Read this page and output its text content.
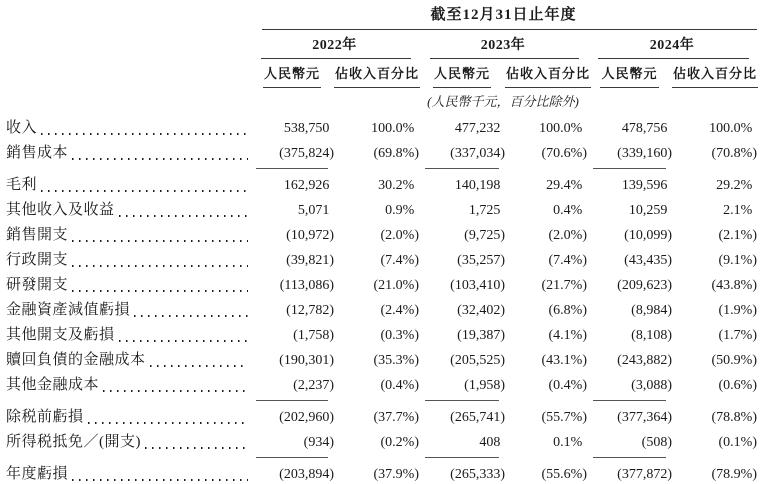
截至12月31日止年度
2022年	2023年	2024年
人民幣元	佔收入百分比	人民幣元	佔收入百分比 人民幣元	佔收入百分比
(人民幣千元，百分比除外)
收入	538,750	100.0%	477,232	100.0%	478,756	100.0%
銷售成本	(375,824)	(69.8%)	(337,034)	(70.6%)	(339,160)	(70.8%)
毛利	162,926	30.2%	140,198	29.4%	139,596	29.2%
其他收入及收益	5,071	0.9%	1,725	0.4%	10,259	2.1%
銷售開支	(10,972)	(2.0%)	(9,725)	(2.0%)	(10,099)	(2.1%)
行政開支	(39,821)	(7.4%)	(35,257)	(7.4%)	(43,435)	(9.1%)
研發開支	(113,086)	(21.0%)	(103,410)	(21.7%)	(209,623)	(43.8%)
金融資產減值虧損	(12,782)	(2.4%)	(32,402)	(6.8%)	(8,984)	(1.9%)
其他開支及虧損	(1,758)	(0.3%)	(19,387)	(4.1%)	(8,108)	(1.7%)
贖回負債的金融成本	(190,301)	(35.3%)	(205,525)	(43.1%)	(243,882)	(50.9%)
其他金融成本	(2,237)	(0.4%)	(1,958)	(0.4%)	(3,088)	(0.6%)
除税前虧損	(202,960)	(37.7%)	(265,741)	(55.7%)	(377,364)	(78.8%)
所得税抵免／(開支)	(934)	(0.2%)	408	0.1%	(508)	(0.1%)
年度虧損	(203,894)	(37.9%)	(265,333)	(55.6%)	(377,872)	(78.9%)
